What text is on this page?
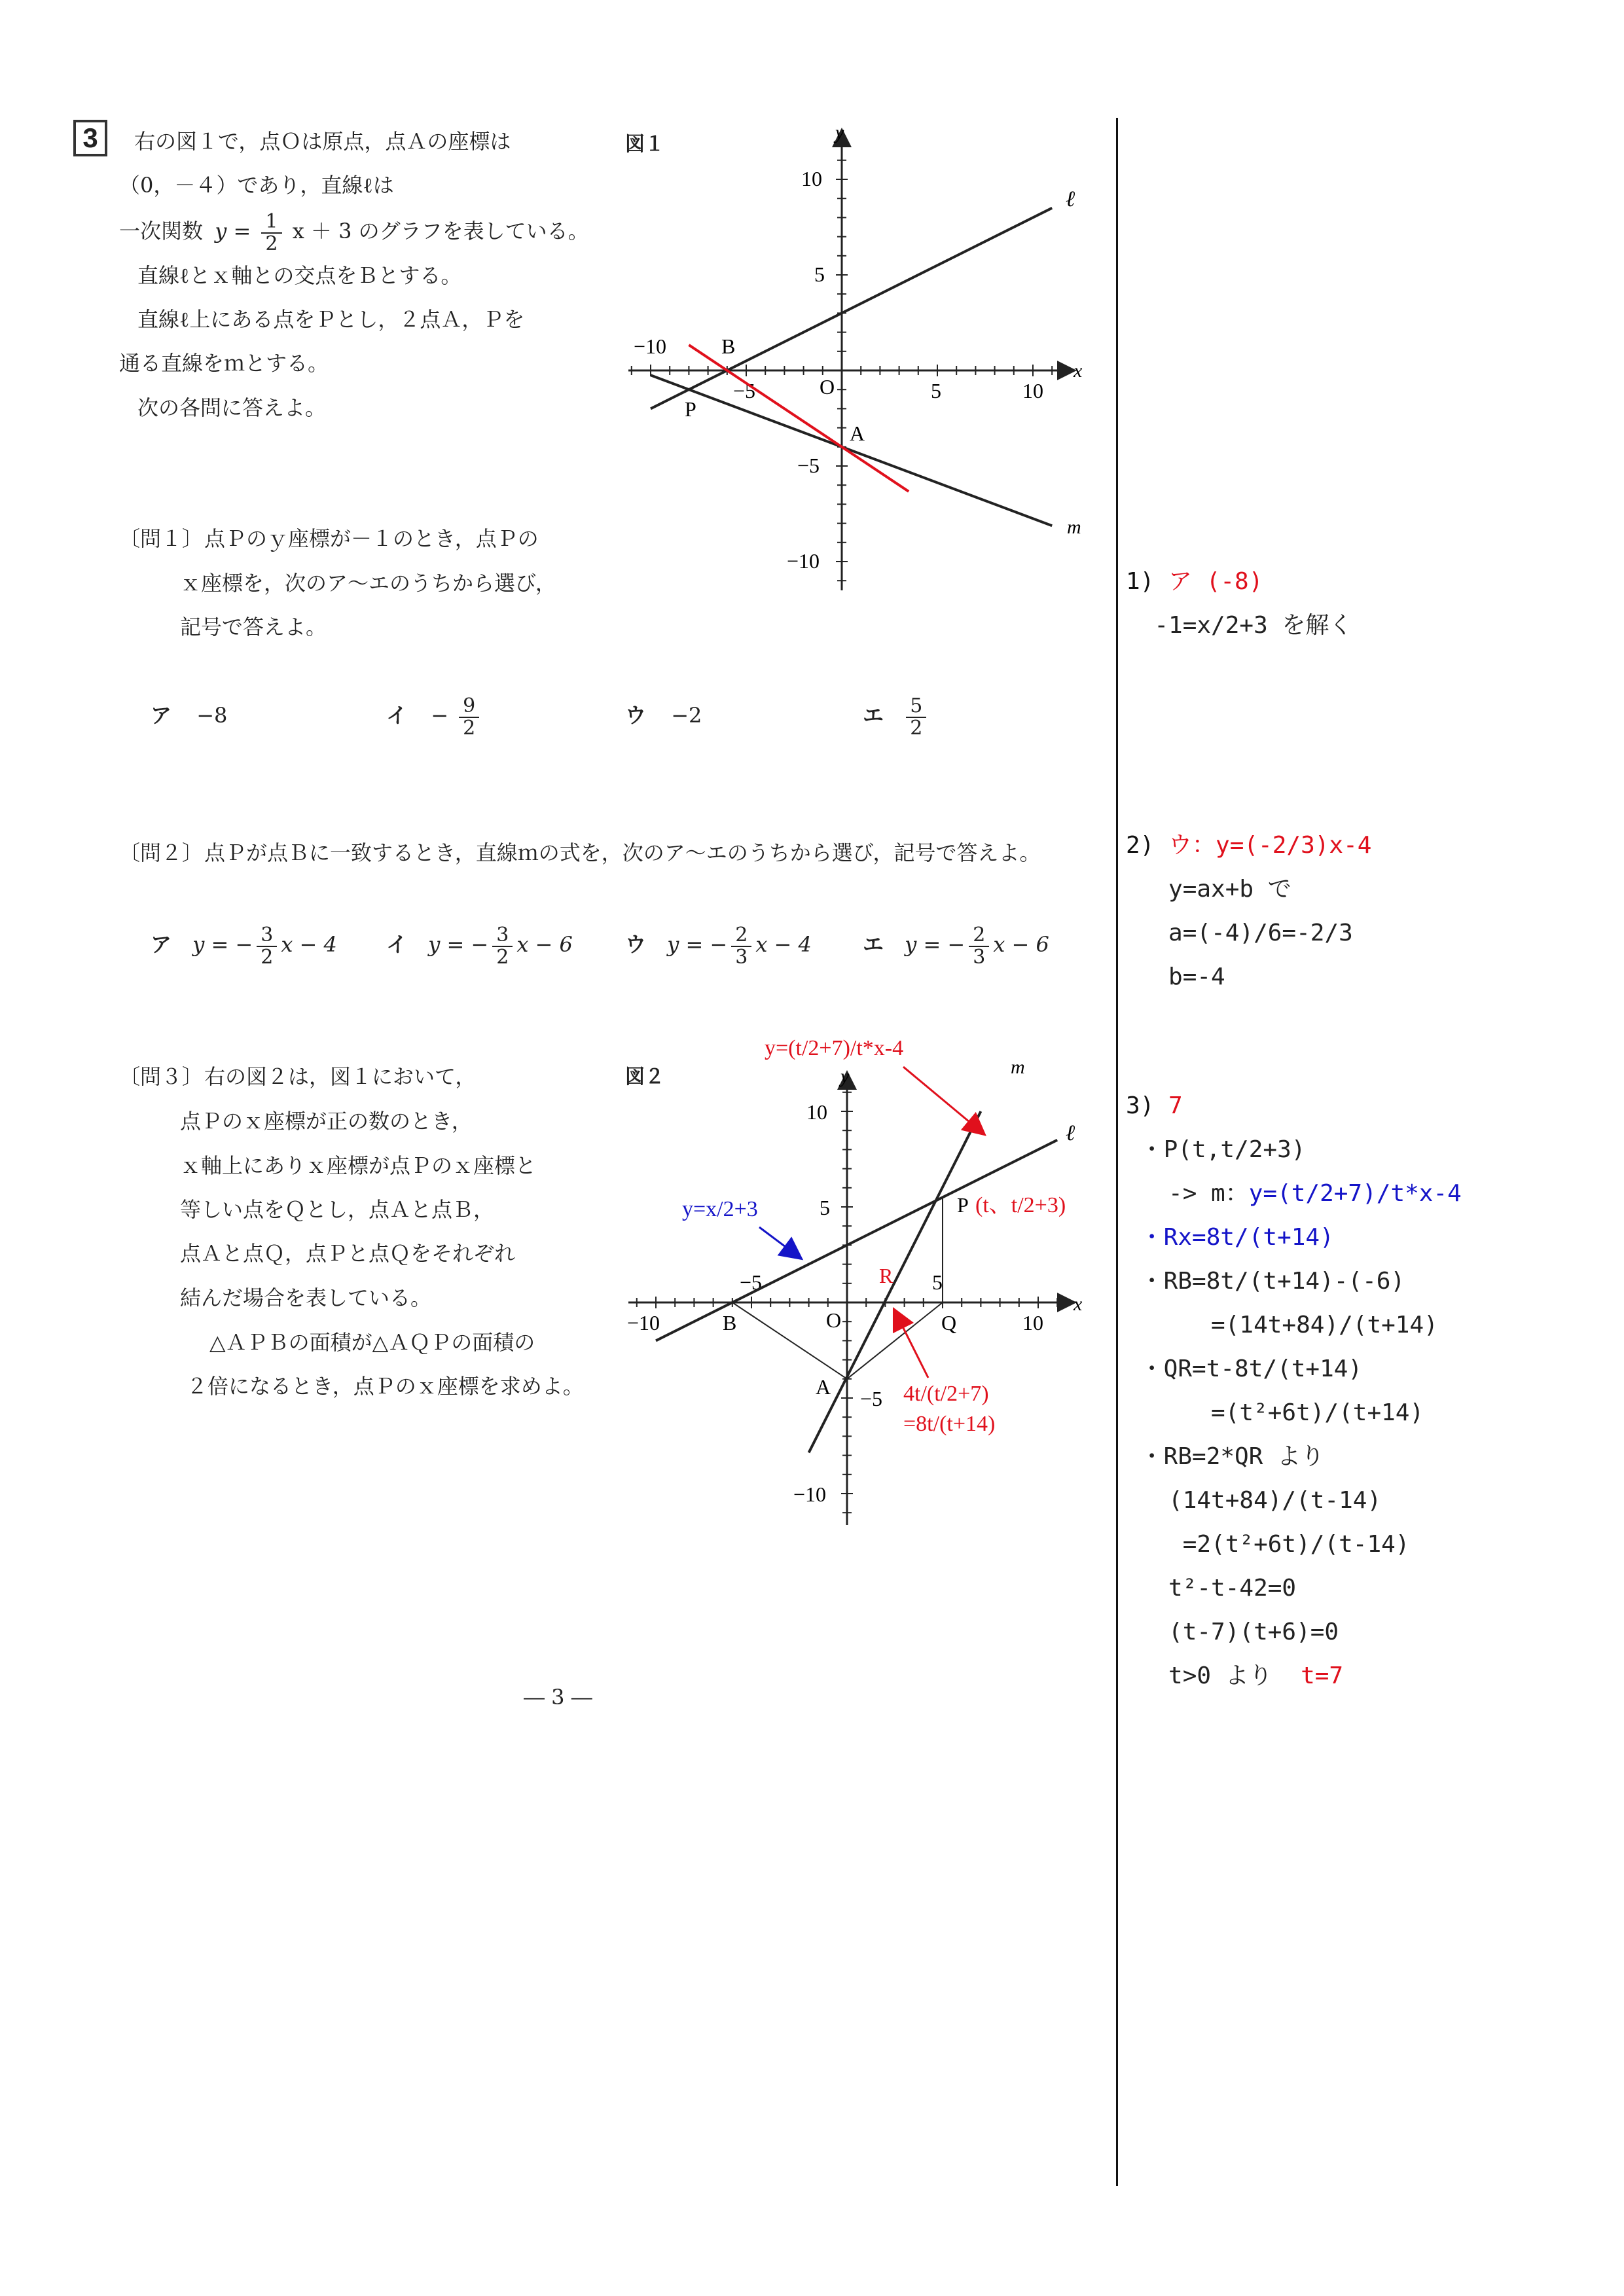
3	右の図１で，点Ｏは原点，点Ａの座標は
（0，－４）であり，直線ℓは
一次関数 $y = \frac{1}{2}$ x ＋ 3 のグラフを表している。
直線ℓとｘ軸との交点をＢとする。
直線ℓ上にある点をＰとし，２点Ａ，Ｐを
通る直線をｍとする。
次の各問に答えよ。
図１
x
y
−10
−5	5	10
10
5
−5
−10
O
B
P
A
ℓ
m
〔問１〕 点Ｐのｙ座標が－１のとき，点Ｐの
ｘ座標を，次のア～エのうちから選び，
記号で答えよ。
ア −8	イ − $\frac{9}{2}$	ウ −2	エ $\frac{5}{2}$
〔問２〕 点Ｐが点Ｂに一致するとき，直線ｍの式を，次のア～エのうちから選び，記号で答えよ。
ア y = − $\frac{3}{2}$ x − 4 イ y = − $\frac{3}{2}$ x − 6	ウ y = − $\frac{2}{3}$ x − 4 エ y = − $\frac{2}{3}$ x − 6
〔問３〕 右の図２は，図１において，
点Ｐのｘ座標が正の数のとき，
ｘ軸上にありｘ座標が点Ｐのｘ座標と
等しい点をＱとし，点Ａと点Ｂ，
点Ａと点Ｑ，点Ｐと点Ｑをそれぞれ
結んだ場合を表している。
△ＡＰＢの面積が△ＡＱＰの面積の
２倍になるとき，点Ｐのｘ座標を求めよ。
図２
x
y
−10
−5	5
10
10
5
−5
−10
O
B
A
Q
P
R
ℓ
m
y=(t/2+7)/t*x-4
y=x/2+3	(t、t/2+3)
4t/(t/2+7)
=8t/(t+14)
― 3 ―
1) ア (-8)
-1=x/2+3 を解く
2) ウ：y=(-2/3)x-4
y=ax+b で
a=(-4)/6=-2/3
b=-4
3) 7
・P(t,t/2+3)
-> m：y=(t/2+7)/t*x-4
・Rx=8t/(t+14)
・RB=8t/(t+14)-(-6)
=(14t+84)/(t+14)
・QR=t-8t/(t+14)
=(t²+6t)/(t+14)
・RB=2*QR より
(14t+84)/(t-14)
=2(t²+6t)/(t-14)
t²-t-42=0
(t-7)(t+6)=0
t>0 より  t=7
